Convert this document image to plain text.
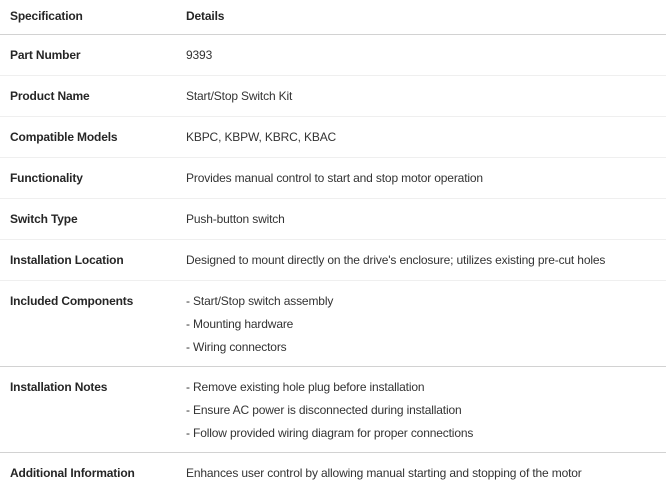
Specification	Details
Part Number	9393
Product Name	Start/Stop Switch Kit
Compatible Models	KBPC, KBPW, KBRC, KBAC
Functionality	Provides manual control to start and stop motor operation
Switch Type	Push-button switch
Installation Location	Designed to mount directly on the drive's enclosure; utilizes existing pre-cut holes
Included Components	- Start/Stop switch assembly
- Mounting hardware
- Wiring connectors
Installation Notes	- Remove existing hole plug before installation
- Ensure AC power is disconnected during installation
- Follow provided wiring diagram for proper connections
Additional Information	Enhances user control by allowing manual starting and stopping of the motor
